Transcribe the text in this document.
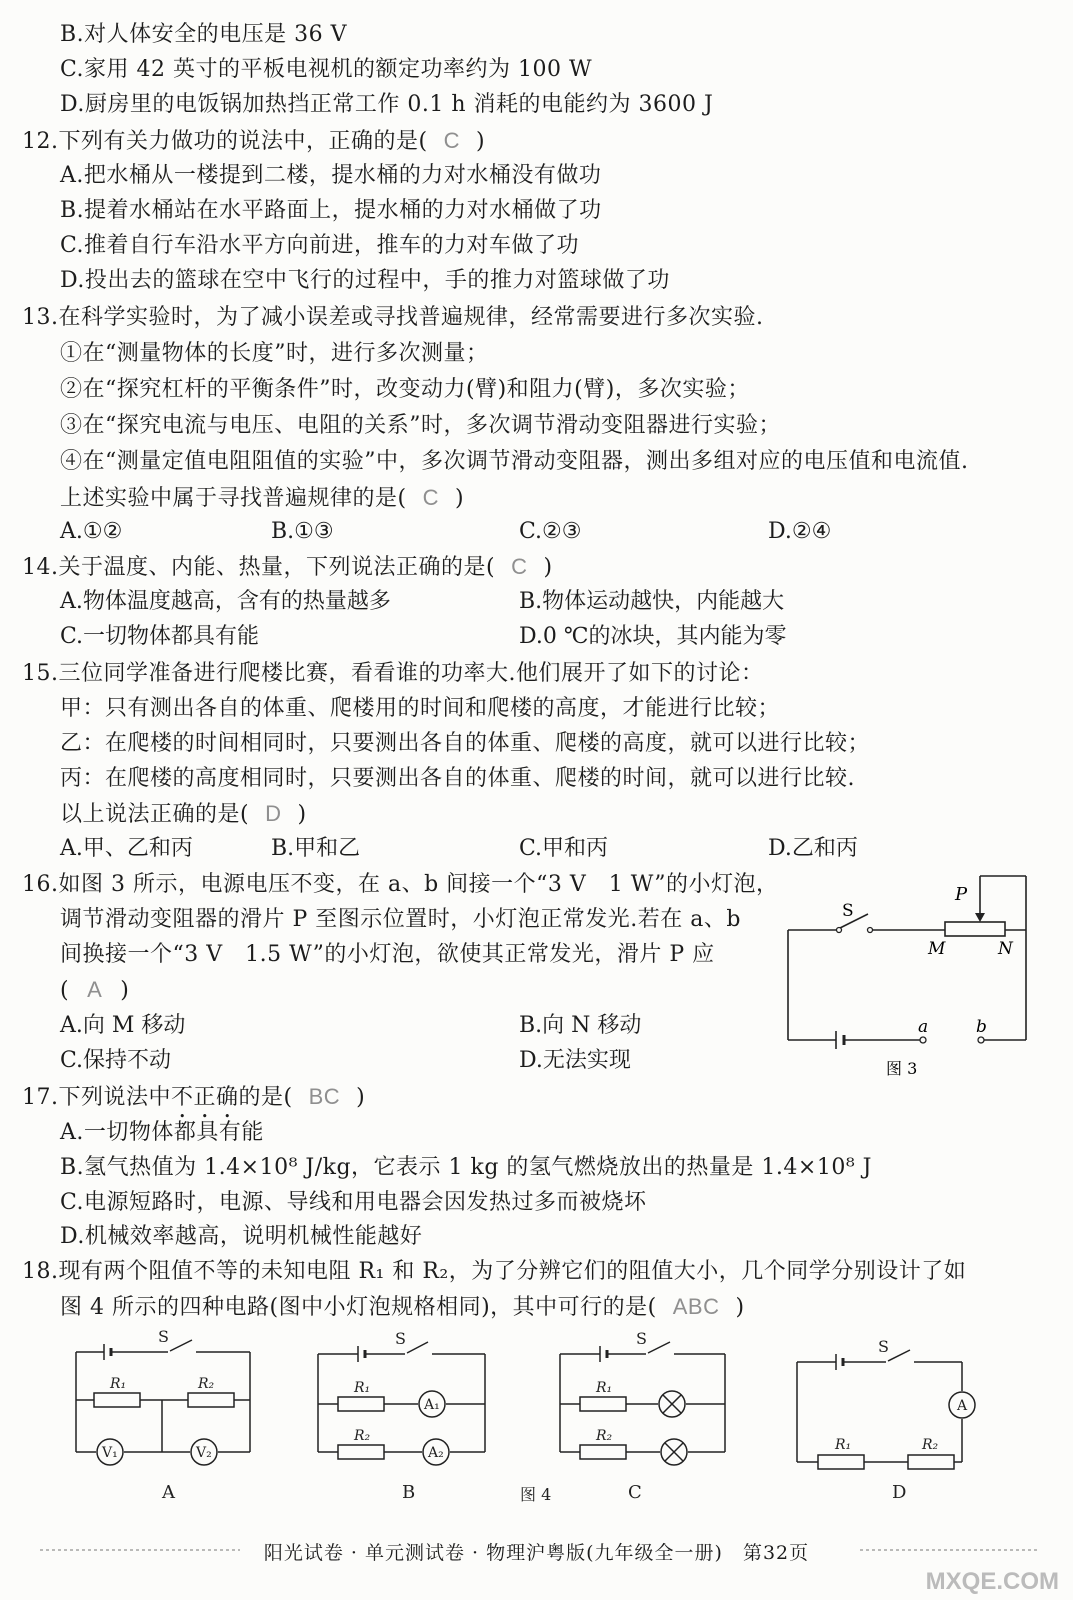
B.对人体安全的电压是 36 V
C.家用 42 英寸的平板电视机的额定功率约为 100 W
D.厨房里的电饭锅加热挡正常工作 0.1 h 消耗的电能约为 3600 J
12.下列有关力做功的说法中，正确的是( C )
A.把水桶从一楼提到二楼，提水桶的力对水桶没有做功
B.提着水桶站在水平路面上，提水桶的力对水桶做了功
C.推着自行车沿水平方向前进，推车的力对车做了功
D.投出去的篮球在空中飞行的过程中，手的推力对篮球做了功
13.在科学实验时，为了减小误差或寻找普遍规律，经常需要进行多次实验.
①在“测量物体的长度”时，进行多次测量；
②在“探究杠杆的平衡条件”时，改变动力(臂)和阻力(臂)，多次实验；
③在“探究电流与电压、电阻的关系”时，多次调节滑动变阻器进行实验；
④在“测量定值电阻阻值的实验”中，多次调节滑动变阻器，测出多组对应的电压值和电流值.
上述实验中属于寻找普遍规律的是( C )
A.①②	B.①③	C.②③	D.②④
14.关于温度、内能、热量，下列说法正确的是( C )
A.物体温度越高，含有的热量越多	B.物体运动越快，内能越大
C.一切物体都具有能	D.0 ℃的冰块，其内能为零
15.三位同学准备进行爬楼比赛，看看谁的功率大.他们展开了如下的讨论：
甲：只有测出各自的体重、爬楼用的时间和爬楼的高度，才能进行比较；
乙：在爬楼的时间相同时，只要测出各自的体重、爬楼的高度，就可以进行比较；
丙：在爬楼的高度相同时，只要测出各自的体重、爬楼的时间，就可以进行比较.
以上说法正确的是( D )
A.甲、乙和丙	B.甲和乙	C.甲和丙	D.乙和丙
16.如图 3 所示，电源电压不变，在 a、b 间接一个“3 V　1 W”的小灯泡，
调节滑动变阻器的滑片 P 至图示位置时，小灯泡正常发光.若在 a、b
间换接一个“3 V　1.5 W”的小灯泡，欲使其正常发光，滑片 P 应
( A )
A.向 M 移动	B.向 N 移动
C.保持不动	D.无法实现
S
P
M	N
a	b
图 3
17.下列说法中不正确的是( BC )
A.一切物体都具有能
B.氢气热值为 1.4×10⁸ J/kg，它表示 1 kg 的氢气燃烧放出的热量是 1.4×10⁸ J
C.电源短路时，电源、导线和用电器会因发热过多而被烧坏
D.机械效率越高，说明机械性能越好
18.现有两个阻值不等的未知电阻 R₁ 和 R₂，为了分辨它们的阻值大小，几个同学分别设计了如
图 4 所示的四种电路(图中小灯泡规格相同)，其中可行的是( ABC )
S
R₁	R₂
V₁	V₂
A
S
R₁
R₂
A₁
A₂
B
S
R₁
R₂
C
S
R₁	R₂
A
D
图 4
阳光试卷 · 单元测试卷 · 物理沪粤版(九年级全一册)　第32页
MXQE.COM
